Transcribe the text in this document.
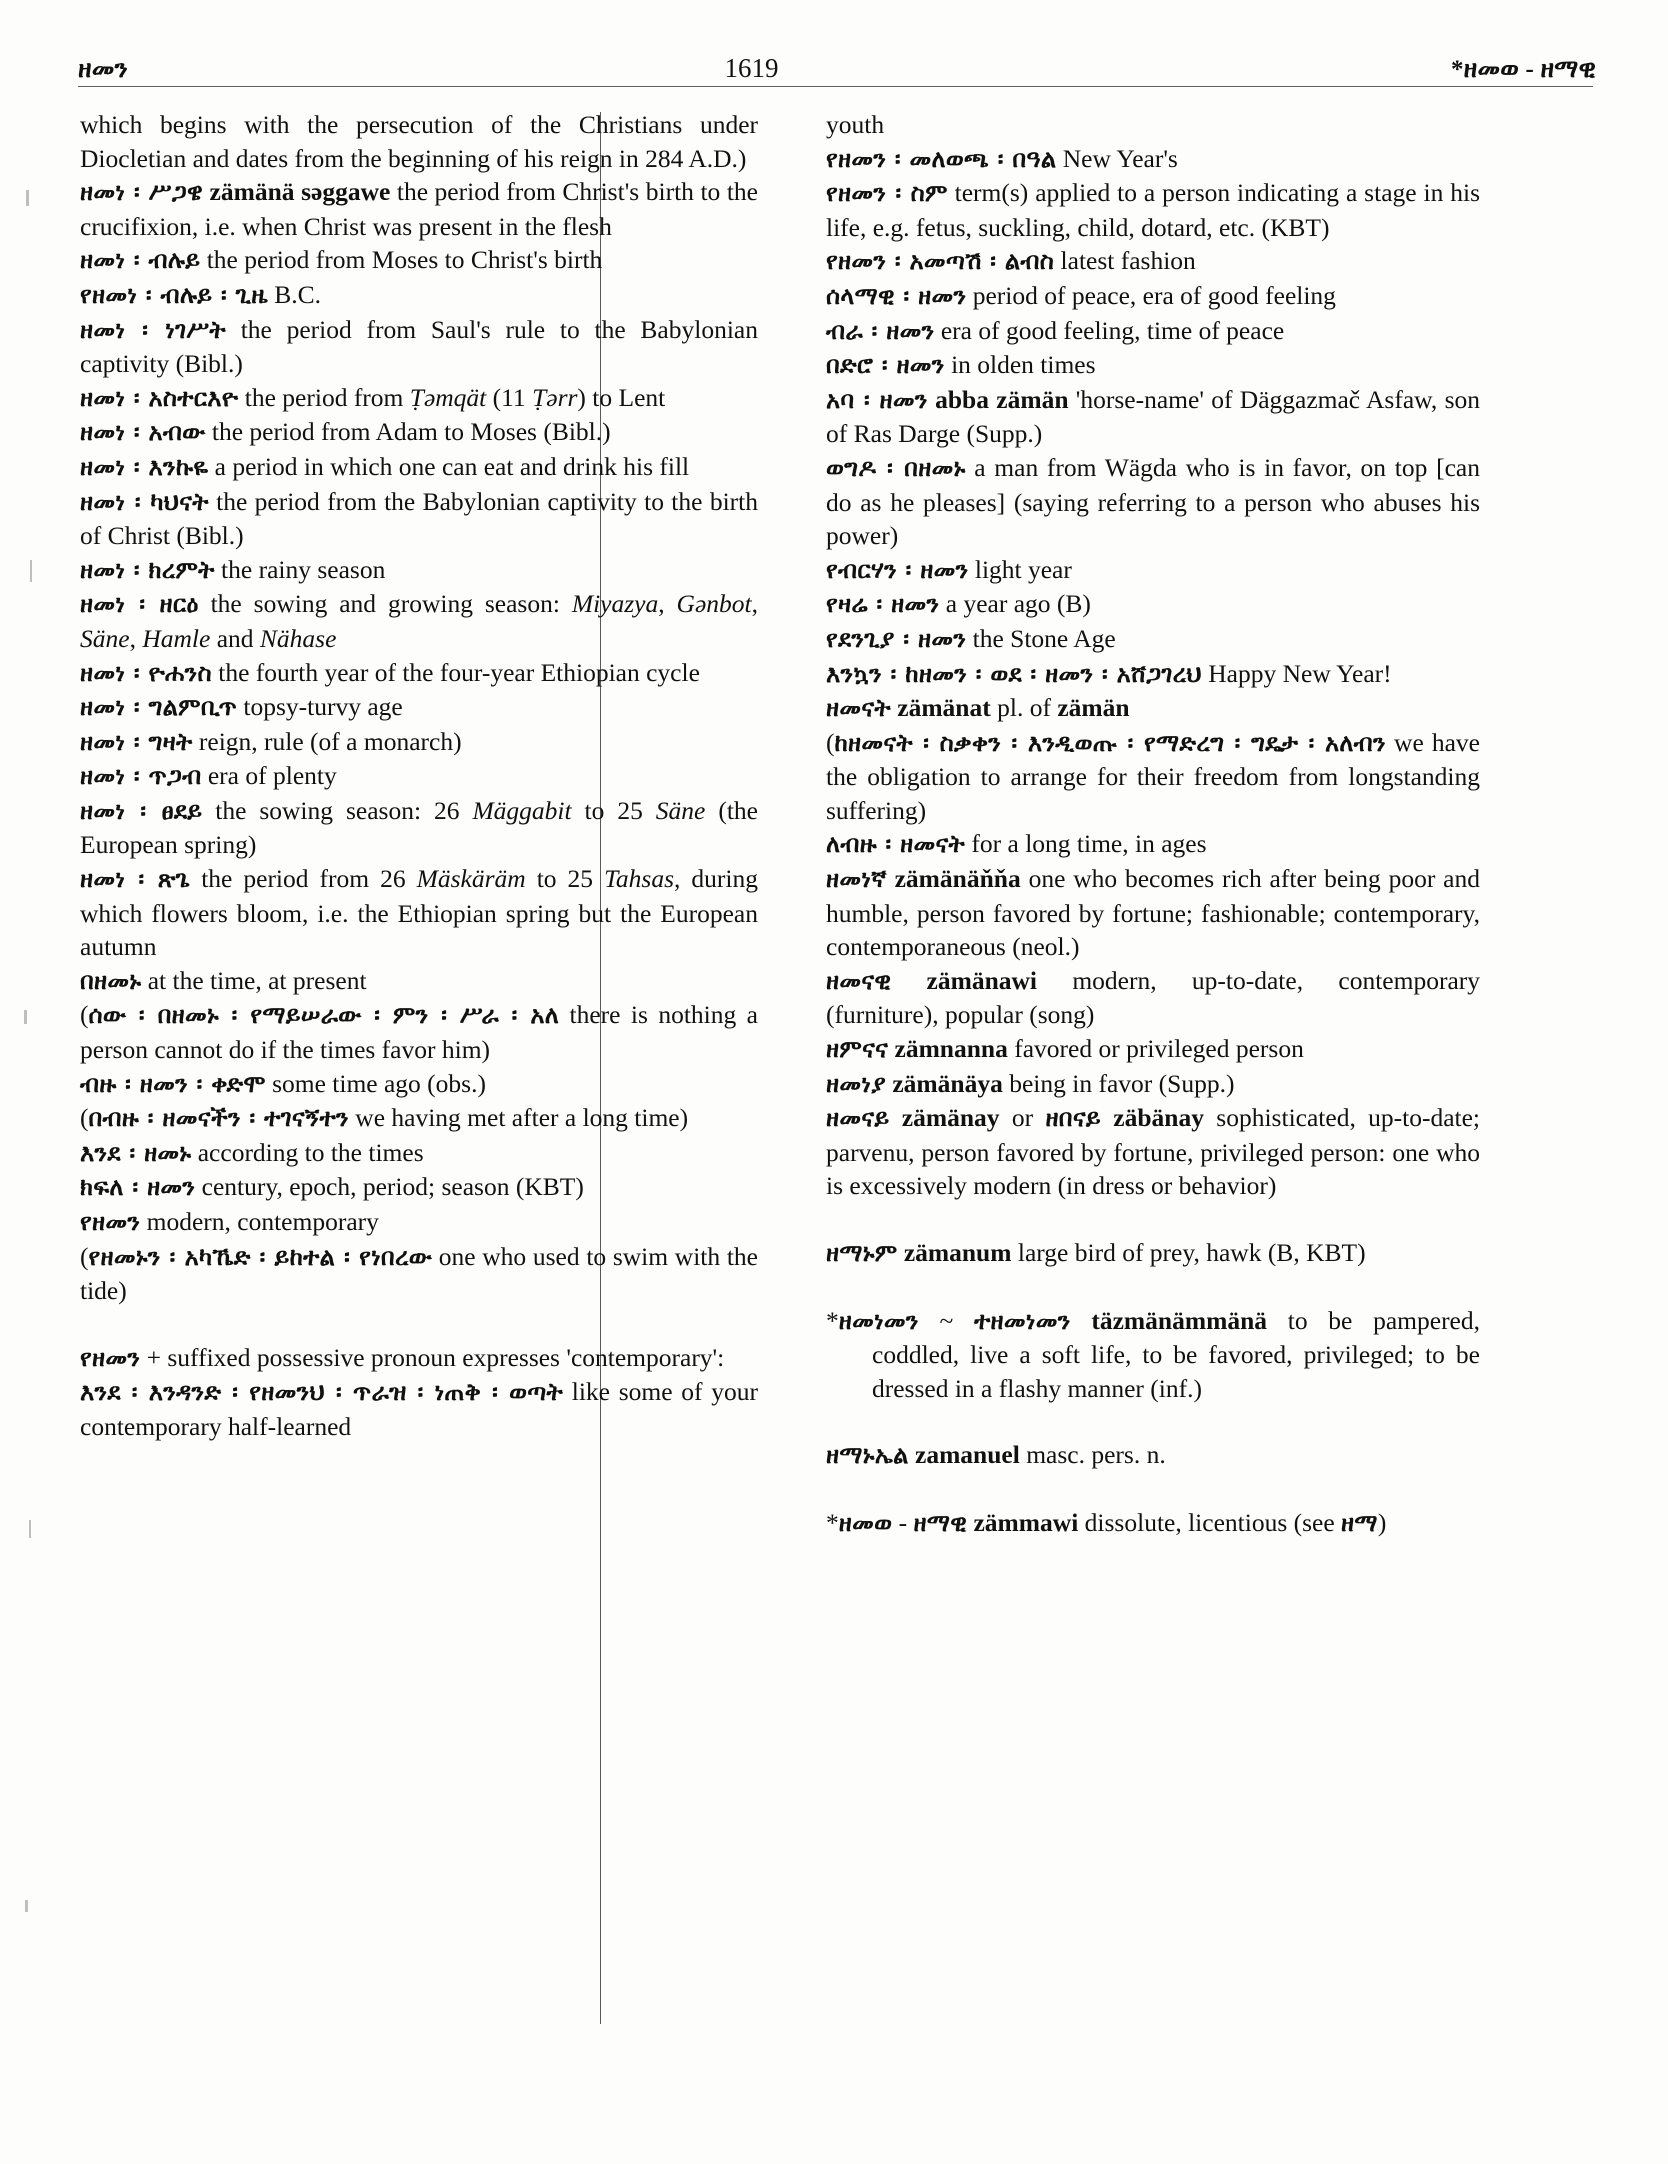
ዘመን	1619	*ዘመወ - ዘማዊ

which begins with the persecution of the Christians under Diocletian and dates from the beginning of his reign in 284 A.D.)

ዘመነ ፡ ሥጋዌ zämänä səggawe the period from Christ's birth to the crucifixion, i.e. when Christ was present in the flesh

ዘመነ ፡ ብሉይ the period from Moses to Christ's birth

የዘመነ ፡ ብሉይ ፡ ጊዜ B.C.

ዘመነ ፡ ነገሥት the period from Saul's rule to the Babylonian captivity (Bibl.)

ዘመነ ፡ አስተርእዮ the period from Ṭəmqät (11 Ṭərr) to Lent

ዘመነ ፡ አብው the period from Adam to Moses (Bibl.)

ዘመነ ፡ እንኩዬ a period in which one can eat and drink his fill

ዘመነ ፡ ካህናት the period from the Babylonian captivity to the birth of Christ (Bibl.)

ዘመነ ፡ ክረምት the rainy season

ዘመነ ፡ ዘርዕ the sowing and growing season: Miyazya, Gənbot, Säne, Hamle and Nähase

ዘመነ ፡ ዮሐንስ the fourth year of the four-year Ethiopian cycle

ዘመነ ፡ ግልምቢጥ topsy-turvy age

ዘመነ ፡ ግዛት reign, rule (of a monarch)

ዘመነ ፡ ጥጋብ era of plenty

ዘመነ ፡ ፀደይ the sowing season: 26 Mäggabit to 25 Säne (the European spring)

ዘመነ ፡ ጽጌ the period from 26 Mäskäräm to 25 Tahsas, during which flowers bloom, i.e. the Ethiopian spring but the European autumn

በዘመኑ at the time, at present

(ሰው ፡ በዘመኑ ፡ የማይሠራው ፡ ምን ፡ ሥራ ፡ አለ there is nothing a person cannot do if the times favor him)

ብዙ ፡ ዘመን ፡ ቀድሞ some time ago (obs.)

(በብዙ ፡ ዘመናችን ፡ ተገናኝተን we having met after a long time)

እንደ ፡ ዘመኑ according to the times

ክፍለ ፡ ዘመን century, epoch, period; season (KBT)

የዘመን modern, contemporary

(የዘመኑን ፡ አካኼድ ፡ ይከተል ፡ የነበረው one who used to swim with the tide)

የዘመን + suffixed possessive pronoun expresses 'contemporary':

እንደ ፡ እንዳንድ ፡ የዘመንህ ፡ ጥራዝ ፡ ነጠቅ ፡ ወጣት like some of your contemporary half-learned

youth

የዘመን ፡ መለወጫ ፡ በዓል New Year's

የዘመን ፡ ስም term(s) applied to a person indicating a stage in his life, e.g. fetus, suckling, child, dotard, etc. (KBT)

የዘመን ፡ አመጣሽ ፡ ልብስ latest fashion

ሰላማዊ ፡ ዘመን period of peace, era of good feeling

ብራ ፡ ዘመን era of good feeling, time of peace

በድሮ ፡ ዘመን in olden times

አባ ፡ ዘመን abba zämän 'horse-name' of Däggazmač Asfaw, son of Ras Darge (Supp.)

ወግዶ ፡ በዘመኑ a man from Wägda who is in favor, on top [can do as he pleases] (saying referring to a person who abuses his power)

የብርሃን ፡ ዘመን light year

የዛሬ ፡ ዘመን a year ago (B)

የደንጊያ ፡ ዘመን the Stone Age

እንኳን ፡ ከዘመን ፡ ወደ ፡ ዘመን ፡ አሸጋገረህ Happy New Year!

ዘመናት zämänat pl. of zämän

(ከዘመናት ፡ ስቃቀን ፡ እንዲወጡ ፡ የማድረግ ፡ ግዴታ ፡ አለብን we have the obligation to arrange for their freedom from longstanding suffering)

ለብዙ ፡ ዘመናት for a long time, in ages

ዘመነኛ zämänäňňa one who becomes rich after being poor and humble, person favored by fortune; fashionable; contemporary, contemporaneous (neol.)

ዘመናዊ zämänawi modern, up-to-date, contemporary (furniture), popular (song)

ዘምናና zämnanna favored or privileged person

ዘመነያ zämänäya being in favor (Supp.)

ዘመናይ zämänay or ዘበናይ zäbänay sophisticated, up-to-date; parvenu, person favored by fortune, privileged person: one who is excessively modern (in dress or behavior)

ዘማኑም zämanum large bird of prey, hawk (B, KBT)

*ዘመነመን ~ ተዘመነመን täzmänämmänä to be pampered, coddled, live a soft life, to be favored, privileged; to be dressed in a flashy manner (inf.)

ዘማኑኤል zamanuel masc. pers. n.

*ዘመወ - ዘማዊ zämmawi dissolute, licentious (see ዘማ)
